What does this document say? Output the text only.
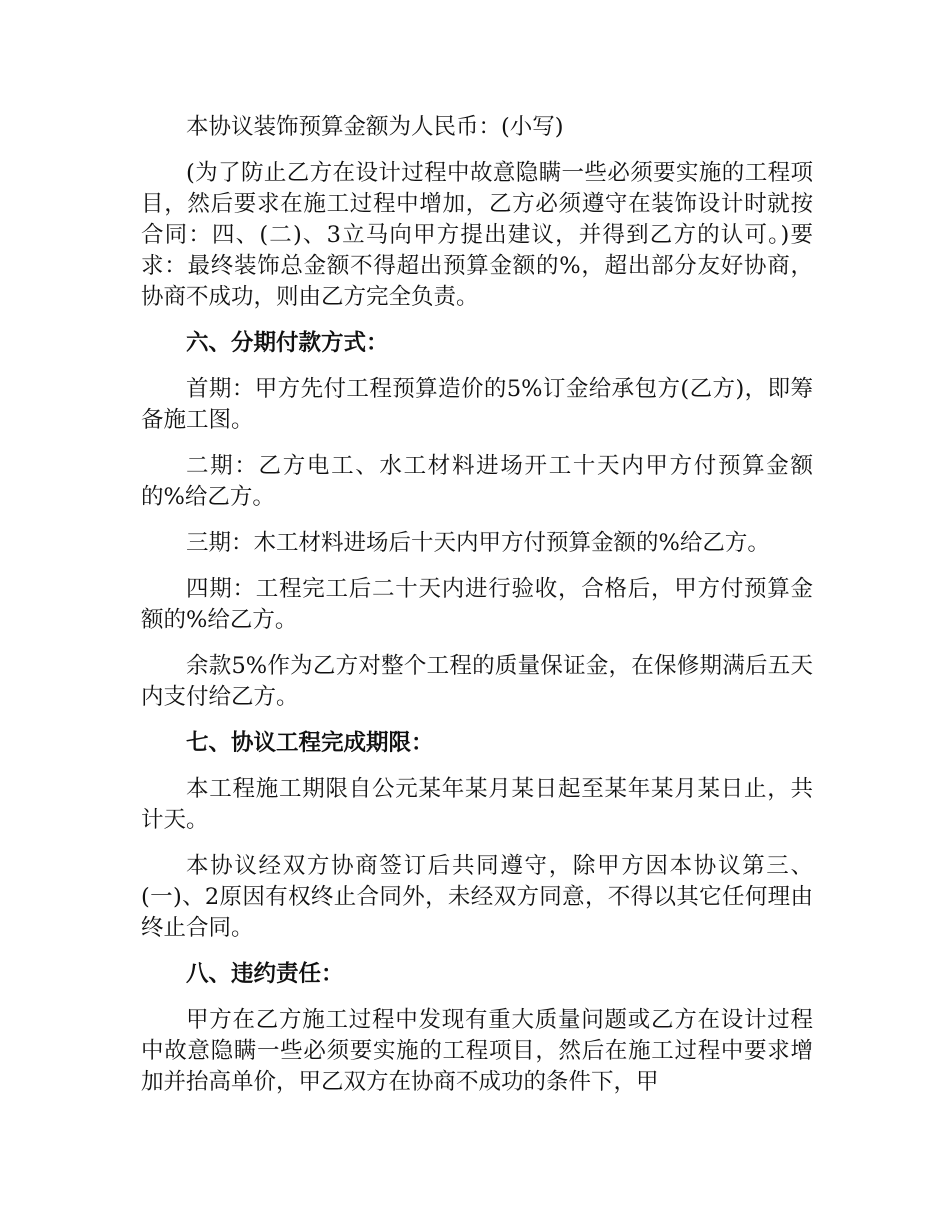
本协议装饰预算金额为人民币：(小写)

(为了防止乙方在设计过程中故意隐瞒一些必须要实施的工程项目，然后要求在施工过程中增加，乙方必须遵守在装饰设计时就按合同：四、(二)、3立马向甲方提出建议，并得到乙方的认可。)要求：最终装饰总金额不得超出预算金额的%，超出部分友好协商，协商不成功，则由乙方完全负责。

六、分期付款方式：

首期：甲方先付工程预算造价的5%订金给承包方(乙方)，即筹备施工图。

二期：乙方电工、水工材料进场开工十天内甲方付预算金额的%给乙方。

三期：木工材料进场后十天内甲方付预算金额的%给乙方。

四期：工程完工后二十天内进行验收，合格后，甲方付预算金额的%给乙方。

余款5%作为乙方对整个工程的质量保证金，在保修期满后五天内支付给乙方。

七、协议工程完成期限：

本工程施工期限自公元某年某月某日起至某年某月某日止，共计天。

本协议经双方协商签订后共同遵守，除甲方因本协议第三、(一)、2原因有权终止合同外，未经双方同意，不得以其它任何理由终止合同。

八、违约责任：

甲方在乙方施工过程中发现有重大质量问题或乙方在设计过程中故意隐瞒一些必须要实施的工程项目，然后在施工过程中要求增加并抬高单价，甲乙双方在协商不成功的条件下，甲
